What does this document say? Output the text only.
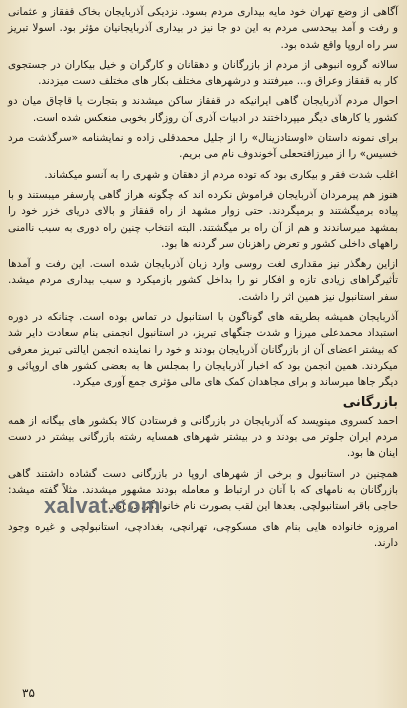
آگاهی از وضع تهران خود مایه بیداری مردم بسود. نزدیکی آذربایجان بخاک قفقاز و عثمانی و رفت و آمد بیحدسی مردم به این دو جا نیز در بیداری آذربایجانیان مؤثر بود. اسولا تبریز سر راه اروپا واقع شده بود.

سالانه گروه انبوهی از مردم از بازرگانان و دهقانان و کارگران و خیل بیکاران در جستجوی کار به قفقاز وعراق و... میرفتند و درشهرهای مختلف بکار های مختلف دست میزدند.

احوال مردم آذربایجان گاهی ایرانیکه در قفقاز ساکن میشدند و بتجارت یا قاچاق میان دو کشور یا کارهای دیگر میپرداختند در ادبیات آذری آن روزگار بخوبی منعکس شده است.

برای نمونه داستان «اوستادزینال» را از جلیل محمدقلی زاده و نمایشنامه «سرگذشت مرد خسیس» را از میرزافتحعلی آخوندوف نام می بریم.

اغلب شدت فقر و بیکاری بود که توده مردم از دهقان و شهری را به آنسو میکشاند.

هنوز هم پیرمردان آذربایجان فراموش نکرده اند که چگونه هراز گاهی پارسفر میبستند و با پیاده برمیگشتند و برمیگردند. حتی زوار مشهد از راه قفقاز و بالای دریای خزر خود را بمشهد میرساندند و هم از آن راه بر میگشتند. البته انتخاب چنین راه دوری به سبب ناامنی راههای داخلی کشور و تعرض راهزنان سر گردنه ها بود.

ازاین رهگذر نیز مقداری لغت روسی وارد زبان آذربایجان شده است. این رفت و آمدها تأثیرگراهای زیادی تازه و افکار نو را بداخل کشور بازمیکرد و سبب بیداری مردم میشد. سفر استانبول نیز همین اثر را داشت.

آذربایجان همیشه بطریقه های گوناگون با استانبول در تماس بوده است. چنانکه در دوره استبداد محمدعلی میرزا و شدت جنگهای تبریز، در استانبول انجمنی بنام سعادت داير شد که بیشتر اعضای آن از بازرگانان آذربایجان بودند و خود را نماینده انجمن ایالتی تبریز معرفی میکردند. همین انجمن بود که اخبار آذربایجان را بمجلس ها به بعضی کشور های اروپائی و دیگر جاها میرساند و برای مجاهدان کمک های مالی مؤثری جمع آوری میکرد.

بازرگانی

احمد کسروی مینویسد که آذربایجان در بازرگانی و فرستادن کالا بکشور های بیگانه از همه مردم ایران جلوتر می بودند و در بیشتر شهرهای همسایه رشته بازرگانی بیشتر در دست اینان ها بود.

همچنین در استانبول و برخی از شهرهای اروپا در بازرگانی دست گشاده داشتند گاهی بازرگانان به نامهای که با آنان در ارتباط و معامله بودند مشهور میشدند. مثلاً گفته میشد: حاجی باقر استانبولچی. بعدها این لقب بصورت نام خانوادگی در آمد.

امروزه خانواده هایی بنام های مسکوچی، تهرانچی، بغدادچی، استانبولچی و غیره وجود دارند.

xalvat.com
۳۵
